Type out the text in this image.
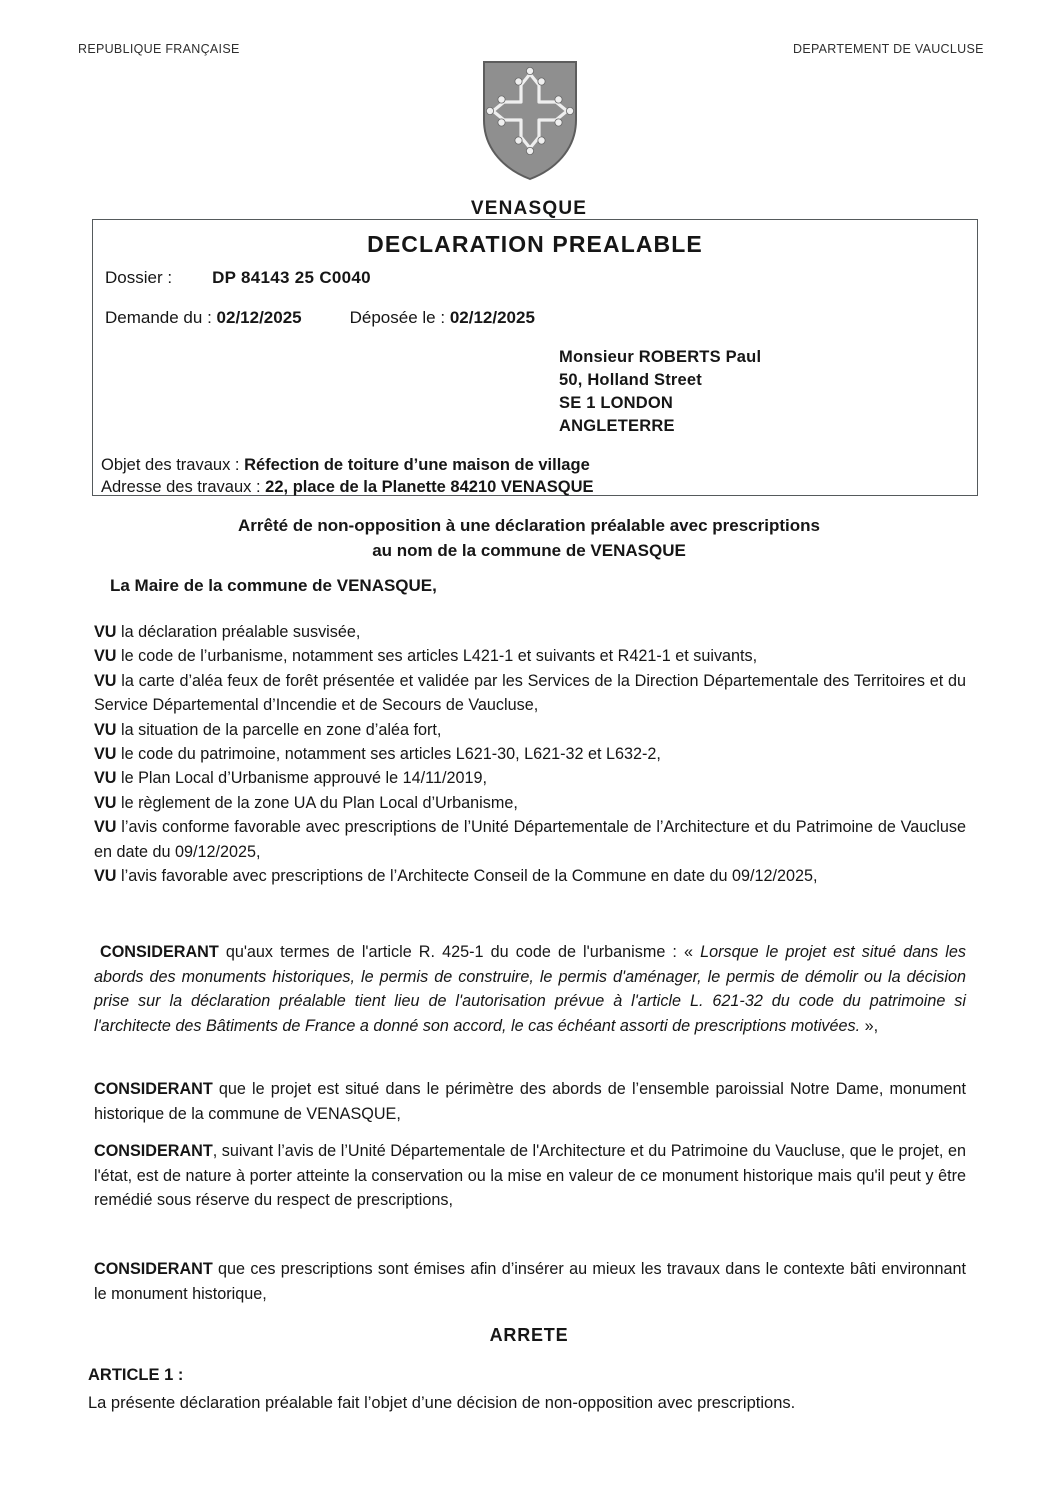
REPUBLIQUE FRANÇAISE	DEPARTEMENT DE VAUCLUSE
VENASQUE
DECLARATION PREALABLE
Dossier : DP 84143 25 C0040
Demande du : 02/12/2025	Déposée le : 02/12/2025
Monsieur ROBERTS Paul
50, Holland Street
SE 1 LONDON
ANGLETERRE
Objet des travaux : Réfection de toiture d’une maison de village
Adresse des travaux : 22, place de la Planette 84210 VENASQUE
Arrêté de non-opposition à une déclaration préalable avec prescriptions
au nom de la commune de VENASQUE
La Maire de la commune de VENASQUE,

VU la déclaration préalable susvisée,

VU le code de l’urbanisme, notamment ses articles L421-1 et suivants et R421-1 et suivants,

VU la carte d’aléa feux de forêt présentée et validée par les Services de la Direction Départementale des Territoires et du Service Départemental d’Incendie et de Secours de Vaucluse,

VU la situation de la parcelle en zone d’aléa fort,

VU le code du patrimoine, notamment ses articles L621-30, L621-32 et L632-2,

VU le Plan Local d’Urbanisme approuvé le 14/11/2019,

VU le règlement de la zone UA du Plan Local d’Urbanisme,

VU l’avis conforme favorable avec prescriptions de l’Unité Départementale de l’Architecture et du Patrimoine de Vaucluse en date du 09/12/2025,

VU l’avis favorable avec prescriptions de l’Architecte Conseil de la Commune en date du 09/12/2025,

CONSIDERANT qu'aux termes de l'article R. 425-1 du code de l'urbanisme : « Lorsque le projet est situé dans les abords des monuments historiques, le permis de construire, le permis d'aménager, le permis de démolir ou la décision prise sur la déclaration préalable tient lieu de l'autorisation prévue à l'article L. 621-32 du code du patrimoine si l'architecte des Bâtiments de France a donné son accord, le cas échéant assorti de prescriptions motivées. »,

CONSIDERANT que le projet est situé dans le périmètre des abords de l’ensemble paroissial Notre Dame, monument historique de la commune de VENASQUE,

CONSIDERANT, suivant l’avis de l’Unité Départementale de l'Architecture et du Patrimoine du Vaucluse, que le projet, en l'état, est de nature à porter atteinte la conservation ou la mise en valeur de ce monument historique mais qu'il peut y être remédié sous réserve du respect de prescriptions,

CONSIDERANT que ces prescriptions sont émises afin d’insérer au mieux les travaux dans le contexte bâti environnant le monument historique,

ARRETE
ARTICLE 1 :
La présente déclaration préalable fait l’objet d’une décision de non-opposition avec prescriptions.
